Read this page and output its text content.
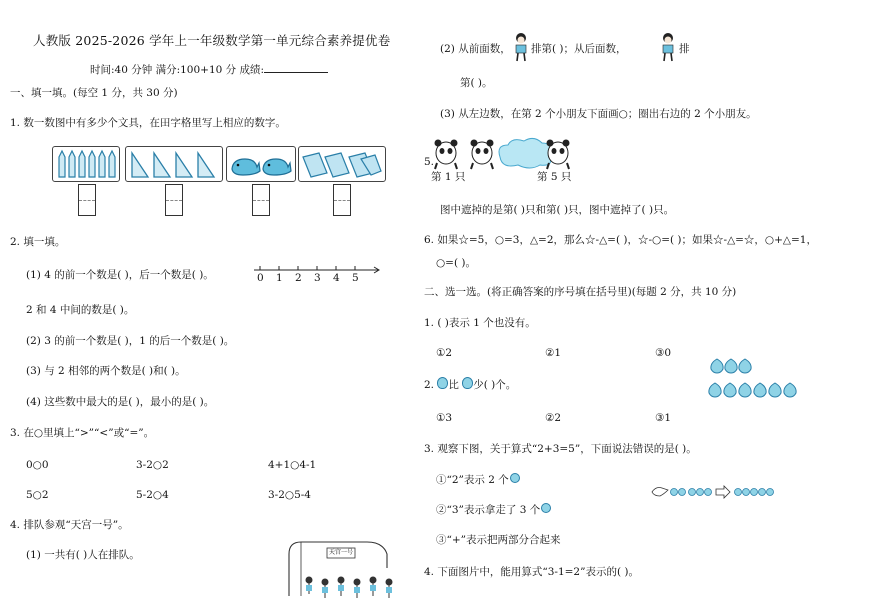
人教版 2025-2026 学年上一年级数学第一单元综合素养提优卷
时间:40 分钟 满分:100+10 分 成绩:
一、填一填。(每空 1 分，共 30 分)
1. 数一数图中有多少个文具，在田字格里写上相应的数字。
2. 填一填。
(1) 4 的前一个数是( )，后一个数是( )。	0 1 2 3 4 5
2 和 4 中间的数是( )。
(2) 3 的前一个数是( )，1 的后一个数是( )。
(3) 与 2 相邻的两个数是( )和( )。
(4) 这些数中最大的是( )，最小的是( )。
3. 在○里填上“>”“<”或“=”。
0○0	3-2○2	4+1○4-1
5○2	5-2○4	3-2○5-4
4. 排队参观“天宫一号”。
(1) 一共有( )人在排队。	天宫一号
(2) 从前面数， 排第( )；从后面数，	排
第( )。
(3) 从左边数，在第 2 个小朋友下面画○；圈出右边的 2 个小朋友。
5.
第 1 只	第 5 只
图中遮掉的是第( )只和第( )只，图中遮掉了( )只。
6. 如果☆=5，○=3，△=2，那么☆-△=( )，☆-○=( )；如果☆-△=☆，○+△=1，
○=( )。
二、选一选。(将正确答案的序号填在括号里)(每题 2 分，共 10 分)
1. ( )表示 1 个也没有。
①2	②1	③0
2. 比 少( )个。
①3	②2	③1
3. 观察下图，关于算式“2+3=5”，下面说法错误的是( )。
①“2”表示 2 个
②“3”表示拿走了 3 个
③“+”表示把两部分合起来
4. 下面图片中，能用算式“3-1=2”表示的( )。
